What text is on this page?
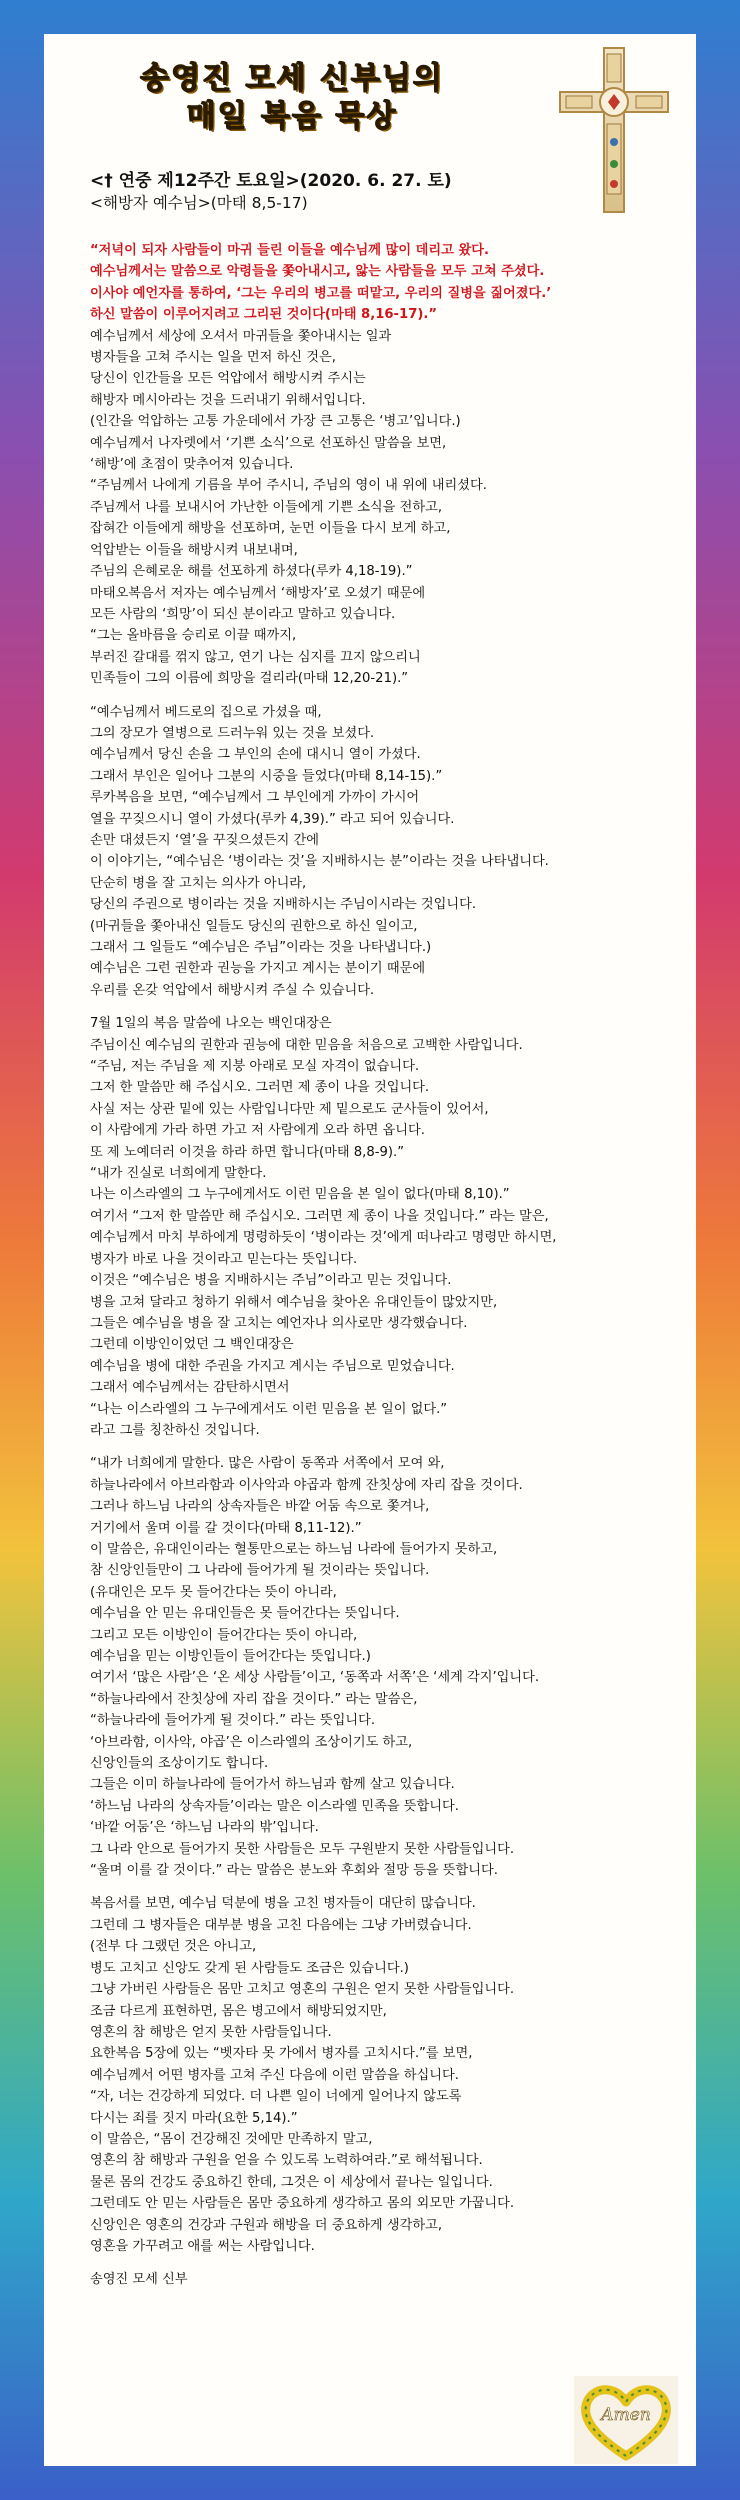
송영진 모세 신부님의
매일 복음 묵상
<† 연중 제12주간 토요일>(2020. 6. 27. 토)
<해방자 예수님>(마태 8,5-17)
“저녁이 되자 사람들이 마귀 들린 이들을 예수님께 많이 데리고 왔다.
예수님께서는 말씀으로 악령들을 쫓아내시고, 앓는 사람들을 모두 고쳐 주셨다.
이사야 예언자를 통하여, ‘그는 우리의 병고를 떠맡고, 우리의 질병을 짊어졌다.’
하신 말씀이 이루어지려고 그리된 것이다(마태 8,16-17).”
예수님께서 세상에 오셔서 마귀들을 쫓아내시는 일과
병자들을 고쳐 주시는 일을 먼저 하신 것은,
당신이 인간들을 모든 억압에서 해방시켜 주시는
해방자 메시아라는 것을 드러내기 위해서입니다.
(인간을 억압하는 고통 가운데에서 가장 큰 고통은 ‘병고’입니다.)
예수님께서 나자렛에서 ‘기쁜 소식’으로 선포하신 말씀을 보면,
‘해방’에 초점이 맞추어져 있습니다.
“주님께서 나에게 기름을 부어 주시니, 주님의 영이 내 위에 내리셨다.
주님께서 나를 보내시어 가난한 이들에게 기쁜 소식을 전하고,
잡혀간 이들에게 해방을 선포하며, 눈먼 이들을 다시 보게 하고,
억압받는 이들을 해방시켜 내보내며,
주님의 은혜로운 해를 선포하게 하셨다(루카 4,18-19).”
마태오복음서 저자는 예수님께서 ‘해방자’로 오셨기 때문에
모든 사람의 ‘희망’이 되신 분이라고 말하고 있습니다.
“그는 올바름을 승리로 이끌 때까지,
부러진 갈대를 꺾지 않고, 연기 나는 심지를 끄지 않으리니
민족들이 그의 이름에 희망을 걸리라(마태 12,20-21).”
“예수님께서 베드로의 집으로 가셨을 때,
그의 장모가 열병으로 드러누워 있는 것을 보셨다.
예수님께서 당신 손을 그 부인의 손에 대시니 열이 가셨다.
그래서 부인은 일어나 그분의 시중을 들었다(마태 8,14-15).”
루카복음을 보면, “예수님께서 그 부인에게 가까이 가시어
열을 꾸짖으시니 열이 가셨다(루카 4,39).” 라고 되어 있습니다.
손만 대셨든지 ‘열’을 꾸짖으셨든지 간에
이 이야기는, “예수님은 ‘병이라는 것’을 지배하시는 분”이라는 것을 나타냅니다.
단순히 병을 잘 고치는 의사가 아니라,
당신의 주권으로 병이라는 것을 지배하시는 주님이시라는 것입니다.
(마귀들을 쫓아내신 일들도 당신의 권한으로 하신 일이고,
그래서 그 일들도 “예수님은 주님”이라는 것을 나타냅니다.)
예수님은 그런 권한과 권능을 가지고 계시는 분이기 때문에
우리를 온갖 억압에서 해방시켜 주실 수 있습니다.
7월 1일의 복음 말씀에 나오는 백인대장은
주님이신 예수님의 권한과 권능에 대한 믿음을 처음으로 고백한 사람입니다.
“주님, 저는 주님을 제 지붕 아래로 모실 자격이 없습니다.
그저 한 말씀만 해 주십시오. 그러면 제 종이 나을 것입니다.
사실 저는 상관 밑에 있는 사람입니다만 제 밑으로도 군사들이 있어서,
이 사람에게 가라 하면 가고 저 사람에게 오라 하면 옵니다.
또 제 노예더러 이것을 하라 하면 합니다(마태 8,8-9).”
“내가 진실로 너희에게 말한다.
나는 이스라엘의 그 누구에게서도 이런 믿음을 본 일이 없다(마태 8,10).”
여기서 “그저 한 말씀만 해 주십시오. 그러면 제 종이 나을 것입니다.” 라는 말은,
예수님께서 마치 부하에게 명령하듯이 ‘병이라는 것’에게 떠나라고 명령만 하시면,
병자가 바로 나을 것이라고 믿는다는 뜻입니다.
이것은 “예수님은 병을 지배하시는 주님”이라고 믿는 것입니다.
병을 고쳐 달라고 청하기 위해서 예수님을 찾아온 유대인들이 많았지만,
그들은 예수님을 병을 잘 고치는 예언자나 의사로만 생각했습니다.
그런데 이방인이었던 그 백인대장은
예수님을 병에 대한 주권을 가지고 계시는 주님으로 믿었습니다.
그래서 예수님께서는 감탄하시면서
“나는 이스라엘의 그 누구에게서도 이런 믿음을 본 일이 없다.”
라고 그를 칭찬하신 것입니다.
“내가 너희에게 말한다. 많은 사람이 동쪽과 서쪽에서 모여 와,
하늘나라에서 아브라함과 이사악과 야곱과 함께 잔칫상에 자리 잡을 것이다.
그러나 하느님 나라의 상속자들은 바깥 어둠 속으로 쫓겨나,
거기에서 울며 이를 갈 것이다(마태 8,11-12).”
이 말씀은, 유대인이라는 혈통만으로는 하느님 나라에 들어가지 못하고,
참 신앙인들만이 그 나라에 들어가게 될 것이라는 뜻입니다.
(유대인은 모두 못 들어간다는 뜻이 아니라,
예수님을 안 믿는 유대인들은 못 들어간다는 뜻입니다.
그리고 모든 이방인이 들어간다는 뜻이 아니라,
예수님을 믿는 이방인들이 들어간다는 뜻입니다.)
여기서 ‘많은 사람’은 ‘온 세상 사람들’이고, ‘동쪽과 서쪽’은 ‘세계 각지’입니다.
“하늘나라에서 잔칫상에 자리 잡을 것이다.” 라는 말씀은,
“하늘나라에 들어가게 될 것이다.” 라는 뜻입니다.
‘아브라함, 이사악, 야곱’은 이스라엘의 조상이기도 하고,
신앙인들의 조상이기도 합니다.
그들은 이미 하늘나라에 들어가서 하느님과 함께 살고 있습니다.
‘하느님 나라의 상속자들’이라는 말은 이스라엘 민족을 뜻합니다.
‘바깥 어둠’은 ‘하느님 나라의 밖’입니다.
그 나라 안으로 들어가지 못한 사람들은 모두 구원받지 못한 사람들입니다.
“울며 이를 갈 것이다.” 라는 말씀은 분노와 후회와 절망 등을 뜻합니다.
복음서를 보면, 예수님 덕분에 병을 고친 병자들이 대단히 많습니다.
그런데 그 병자들은 대부분 병을 고친 다음에는 그냥 가버렸습니다.
(전부 다 그랬던 것은 아니고,
병도 고치고 신앙도 갖게 된 사람들도 조금은 있습니다.)
그냥 가버린 사람들은 몸만 고치고 영혼의 구원은 얻지 못한 사람들입니다.
조금 다르게 표현하면, 몸은 병고에서 해방되었지만,
영혼의 참 해방은 얻지 못한 사람들입니다.
요한복음 5장에 있는 “벳자타 못 가에서 병자를 고치시다.”를 보면,
예수님께서 어떤 병자를 고쳐 주신 다음에 이런 말씀을 하십니다.
“자, 너는 건강하게 되었다. 더 나쁜 일이 너에게 일어나지 않도록
다시는 죄를 짓지 마라(요한 5,14).”
이 말씀은, “몸이 건강해진 것에만 만족하지 말고,
영혼의 참 해방과 구원을 얻을 수 있도록 노력하여라.”로 해석됩니다.
물론 몸의 건강도 중요하긴 한데, 그것은 이 세상에서 끝나는 일입니다.
그런데도 안 믿는 사람들은 몸만 중요하게 생각하고 몸의 외모만 가꿉니다.
신앙인은 영혼의 건강과 구원과 해방을 더 중요하게 생각하고,
영혼을 가꾸려고 애를 써는 사람입니다.
송영진 모세 신부
Amen
